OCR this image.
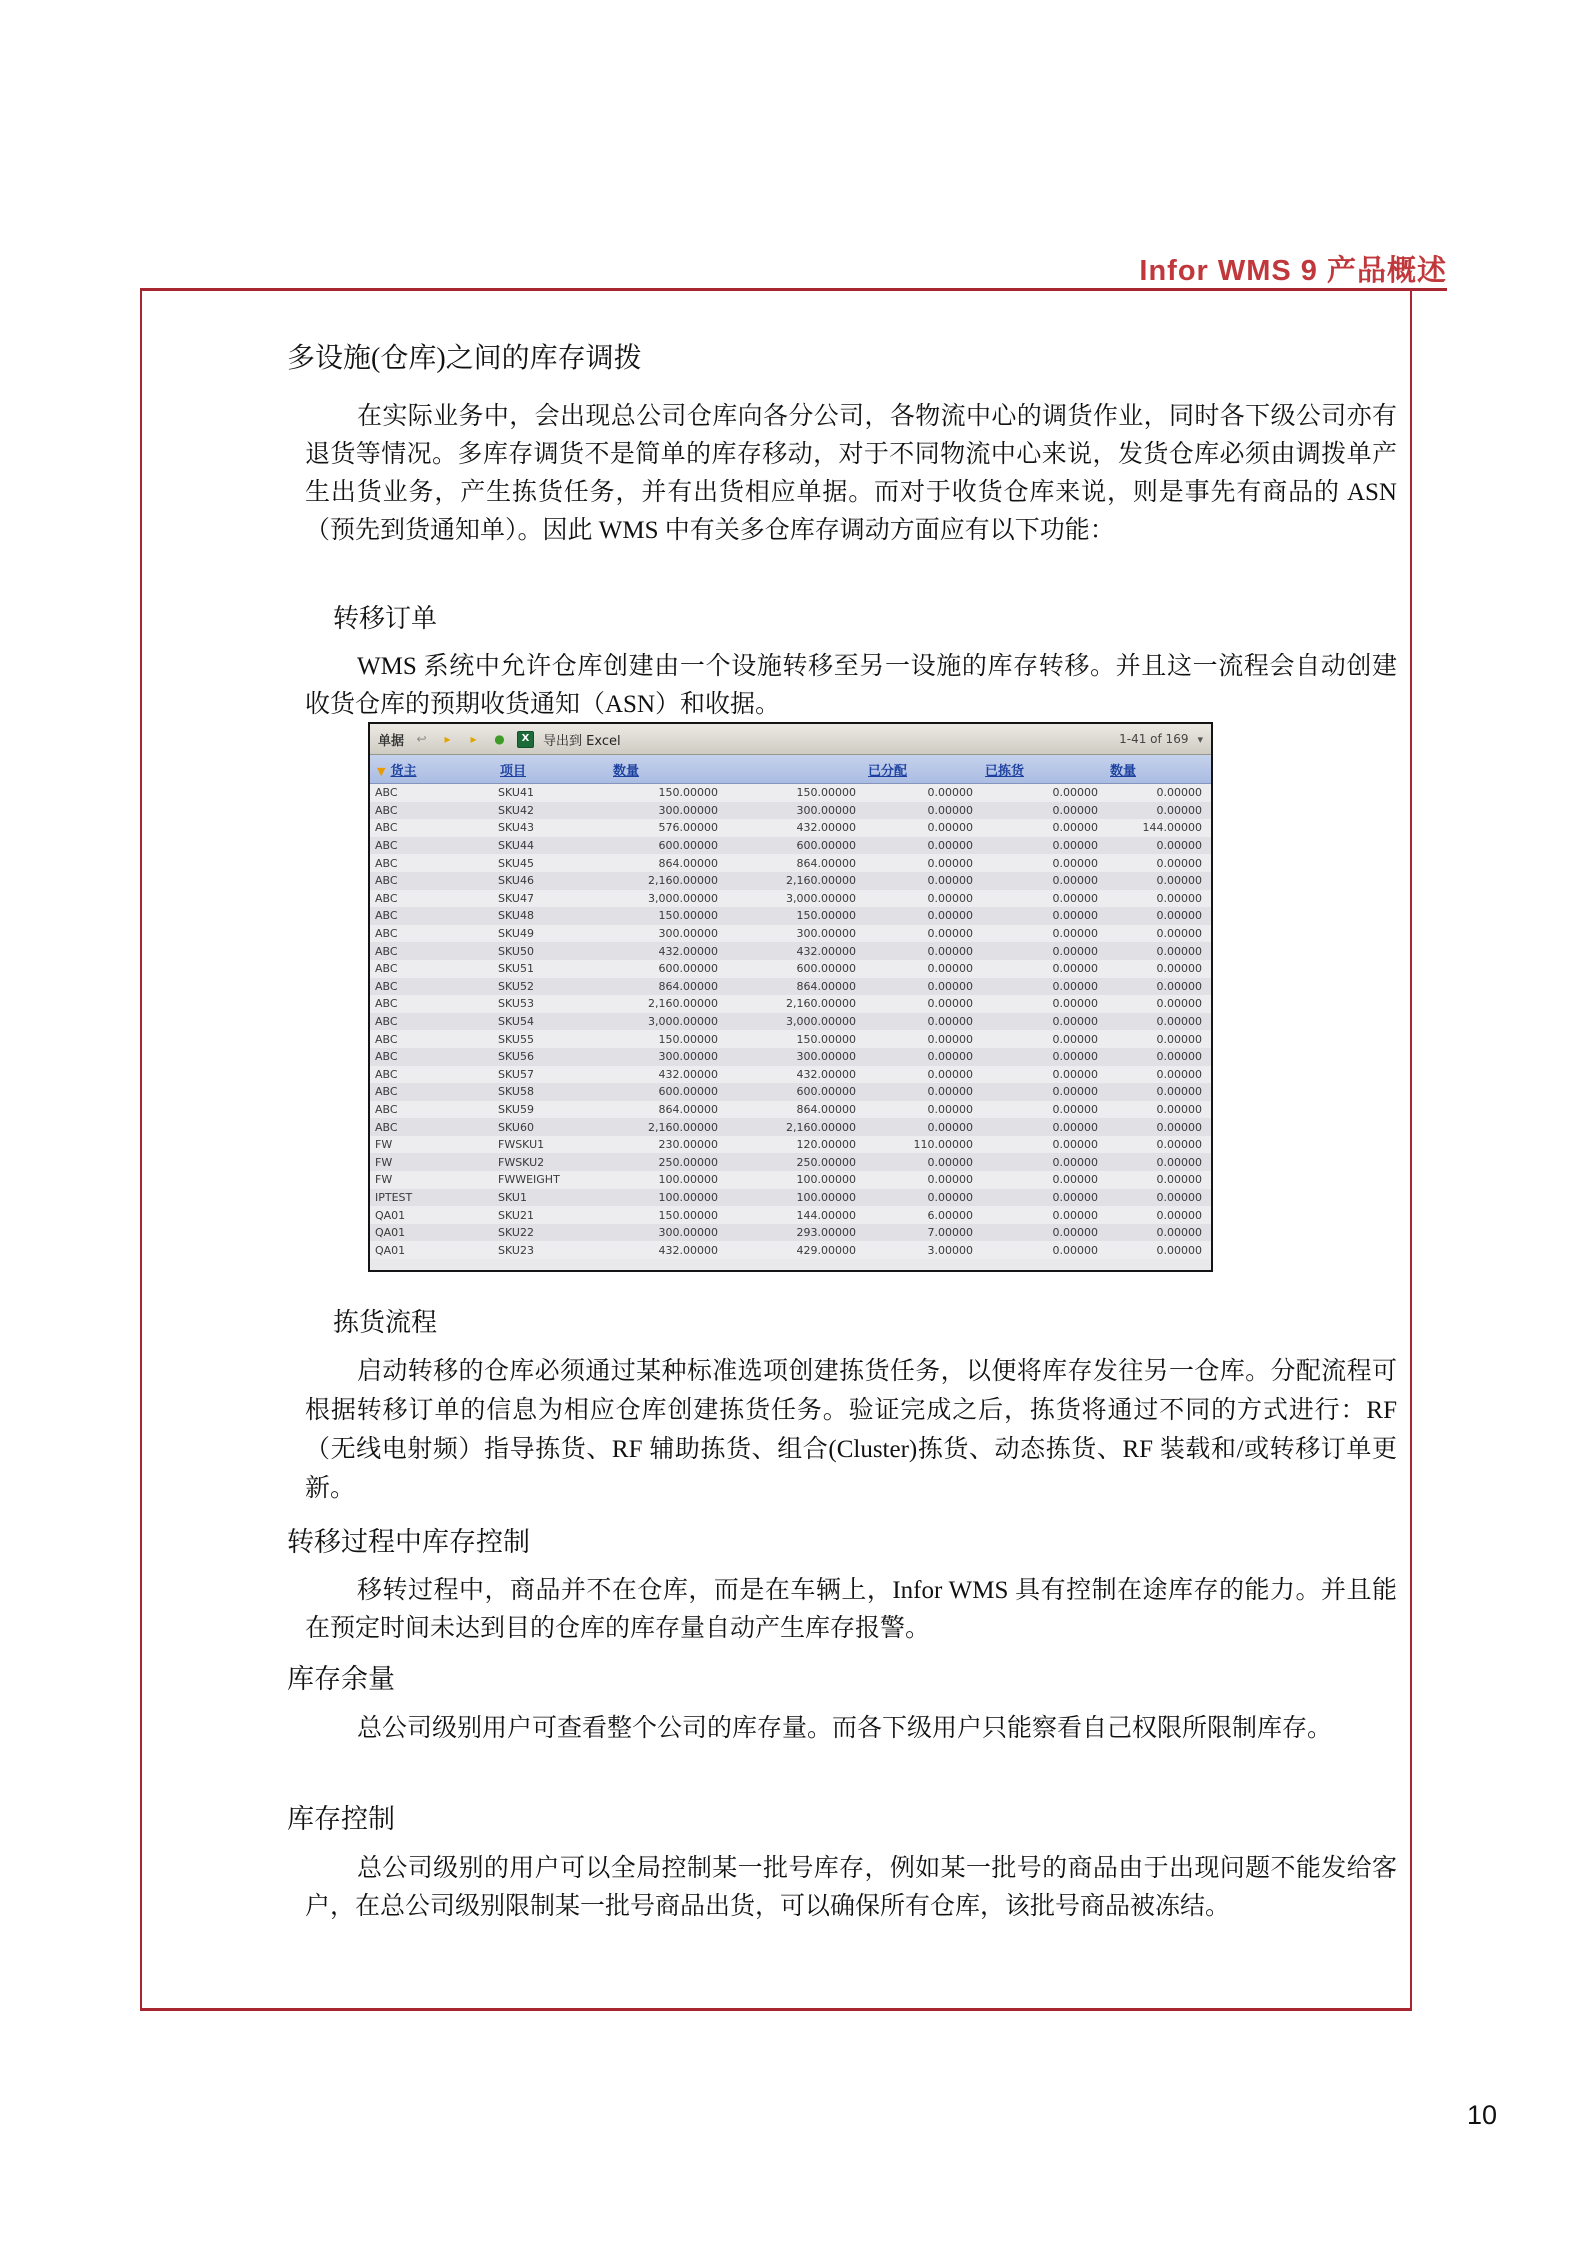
Infor WMS 9 产品概述
多设施(仓库)之间的库存调拨
在实际业务中，会出现总公司仓库向各分公司，各物流中心的调货作业，同时各下级公司亦有退货等情况。多库存调货不是简单的库存移动，对于不同物流中心来说，发货仓库必须由调拨单产生出货业务，产生拣货任务，并有出货相应单据。而对于收货仓库来说，则是事先有商品的 ASN（预先到货通知单）。因此 WMS 中有关多仓库存调动方面应有以下功能：
转移订单
WMS 系统中允许仓库创建由一个设施转移至另一设施的库存转移。并且这一流程会自动创建收货仓库的预期收货通知（ASN）和收据。
单据 ↩	▸	▸	●	X	导出到 Excel	1-41 of 169 ▾
▼ 货主	项目	数量	已分配	已拣货	数量
ABC	SKU41	150.00000	150.00000	0.00000	0.00000	0.00000
ABC	SKU42	300.00000	300.00000	0.00000	0.00000	0.00000
ABC	SKU43	576.00000	432.00000	0.00000	0.00000	144.00000
ABC	SKU44	600.00000	600.00000	0.00000	0.00000	0.00000
ABC	SKU45	864.00000	864.00000	0.00000	0.00000	0.00000
ABC	SKU46	2,160.00000	2,160.00000	0.00000	0.00000	0.00000
ABC	SKU47	3,000.00000	3,000.00000	0.00000	0.00000	0.00000
ABC	SKU48	150.00000	150.00000	0.00000	0.00000	0.00000
ABC	SKU49	300.00000	300.00000	0.00000	0.00000	0.00000
ABC	SKU50	432.00000	432.00000	0.00000	0.00000	0.00000
ABC	SKU51	600.00000	600.00000	0.00000	0.00000	0.00000
ABC	SKU52	864.00000	864.00000	0.00000	0.00000	0.00000
ABC	SKU53	2,160.00000	2,160.00000	0.00000	0.00000	0.00000
ABC	SKU54	3,000.00000	3,000.00000	0.00000	0.00000	0.00000
ABC	SKU55	150.00000	150.00000	0.00000	0.00000	0.00000
ABC	SKU56	300.00000	300.00000	0.00000	0.00000	0.00000
ABC	SKU57	432.00000	432.00000	0.00000	0.00000	0.00000
ABC	SKU58	600.00000	600.00000	0.00000	0.00000	0.00000
ABC	SKU59	864.00000	864.00000	0.00000	0.00000	0.00000
ABC	SKU60	2,160.00000	2,160.00000	0.00000	0.00000	0.00000
FW	FWSKU1	230.00000	120.00000	110.00000	0.00000	0.00000
FW	FWSKU2	250.00000	250.00000	0.00000	0.00000	0.00000
FW	FWWEIGHT	100.00000	100.00000	0.00000	0.00000	0.00000
IPTEST	SKU1	100.00000	100.00000	0.00000	0.00000	0.00000
QA01	SKU21	150.00000	144.00000	6.00000	0.00000	0.00000
QA01	SKU22	300.00000	293.00000	7.00000	0.00000	0.00000
QA01	SKU23	432.00000	429.00000	3.00000	0.00000	0.00000
拣货流程
启动转移的仓库必须通过某种标准选项创建拣货任务，以便将库存发往另一仓库。分配流程可根据转移订单的信息为相应仓库创建拣货任务。验证完成之后，拣货将通过不同的方式进行：RF（无线电射频）指导拣货、RF 辅助拣货、组合(Cluster)拣货、动态拣货、RF 装载和/或转移订单更新。
转移过程中库存控制
移转过程中，商品并不在仓库，而是在车辆上，Infor WMS 具有控制在途库存的能力。并且能在预定时间未达到目的仓库的库存量自动产生库存报警。
库存余量
总公司级别用户可查看整个公司的库存量。而各下级用户只能察看自己权限所限制库存。
库存控制
总公司级别的用户可以全局控制某一批号库存，例如某一批号的商品由于出现问题不能发给客户，在总公司级别限制某一批号商品出货，可以确保所有仓库，该批号商品被冻结。
10
